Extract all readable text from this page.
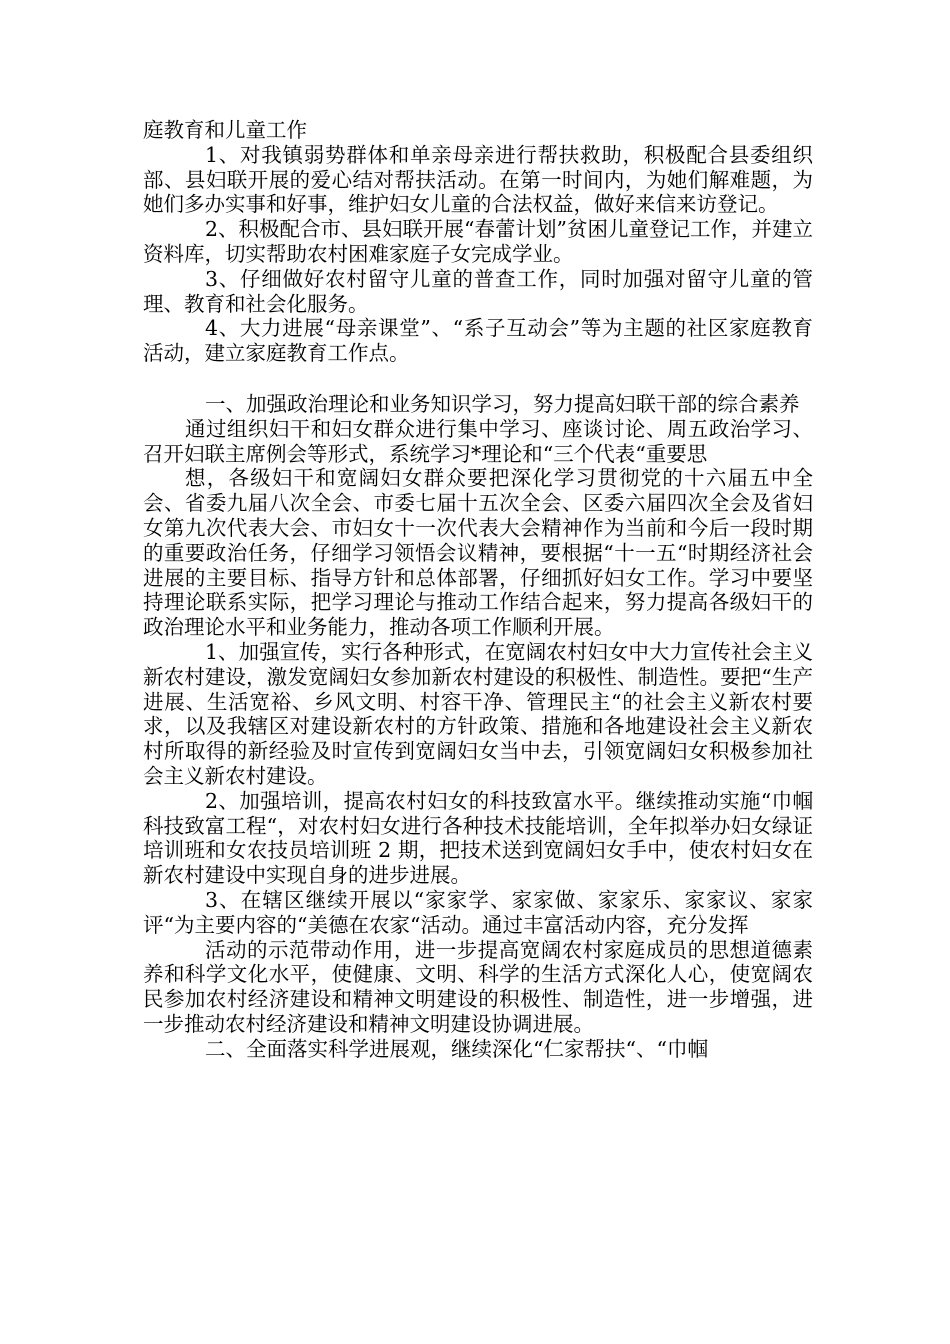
庭教育和儿童工作

1、对我镇弱势群体和单亲母亲进行帮扶救助，积极配合县委组织部、县妇联开展的爱心结对帮扶活动。在第一时间内，为她们解难题，为她们多办实事和好事，维护妇女儿童的合法权益，做好来信来访登记。

2、积极配合市、县妇联开展“春蕾计划”贫困儿童登记工作，并建立资料库，切实帮助农村困难家庭子女完成学业。

3、仔细做好农村留守儿童的普查工作，同时加强对留守儿童的管理、教育和社会化服务。

4、大力进展“母亲课堂”、“系子互动会”等为主题的社区家庭教育活动，建立家庭教育工作点。

一、加强政治理论和业务知识学习，努力提高妇联干部的综合素养

通过组织妇干和妇女群众进行集中学习、座谈讨论、周五政治学习、召开妇联主席例会等形式，系统学习*理论和“三个代表“重要思

想，各级妇干和宽阔妇女群众要把深化学习贯彻党的十六届五中全会、省委九届八次全会、市委七届十五次全会、区委六届四次全会及省妇女第九次代表大会、市妇女十一次代表大会精神作为当前和今后一段时期的重要政治任务，仔细学习领悟会议精神，要根据“十一五“时期经济社会进展的主要目标、指导方针和总体部署，仔细抓好妇女工作。学习中要坚持理论联系实际，把学习理论与推动工作结合起来，努力提高各级妇干的政治理论水平和业务能力，推动各项工作顺利开展。

1、加强宣传，实行各种形式，在宽阔农村妇女中大力宣传社会主义新农村建设，激发宽阔妇女参加新农村建设的积极性、制造性。要把“生产进展、生活宽裕、乡风文明、村容干净、管理民主“的社会主义新农村要求，以及我辖区对建设新农村的方针政策、措施和各地建设社会主义新农村所取得的新经验及时宣传到宽阔妇女当中去，引领宽阔妇女积极参加社会主义新农村建设。

2、加强培训，提高农村妇女的科技致富水平。继续推动实施“巾帼科技致富工程“，对农村妇女进行各种技术技能培训，全年拟举办妇女绿证培训班和女农技员培训班 2 期，把技术送到宽阔妇女手中，使农村妇女在新农村建设中实现自身的进步进展。

3、在辖区继续开展以“家家学、家家做、家家乐、家家议、家家评“为主要内容的“美德在农家“活动。通过丰富活动内容，充分发挥

活动的示范带动作用，进一步提高宽阔农村家庭成员的思想道德素养和科学文化水平，使健康、文明、科学的生活方式深化人心，使宽阔农民参加农村经济建设和精神文明建设的积极性、制造性，进一步增强，进一步推动农村经济建设和精神文明建设协调进展。

二、全面落实科学进展观，继续深化“仁家帮扶“、“巾帼
